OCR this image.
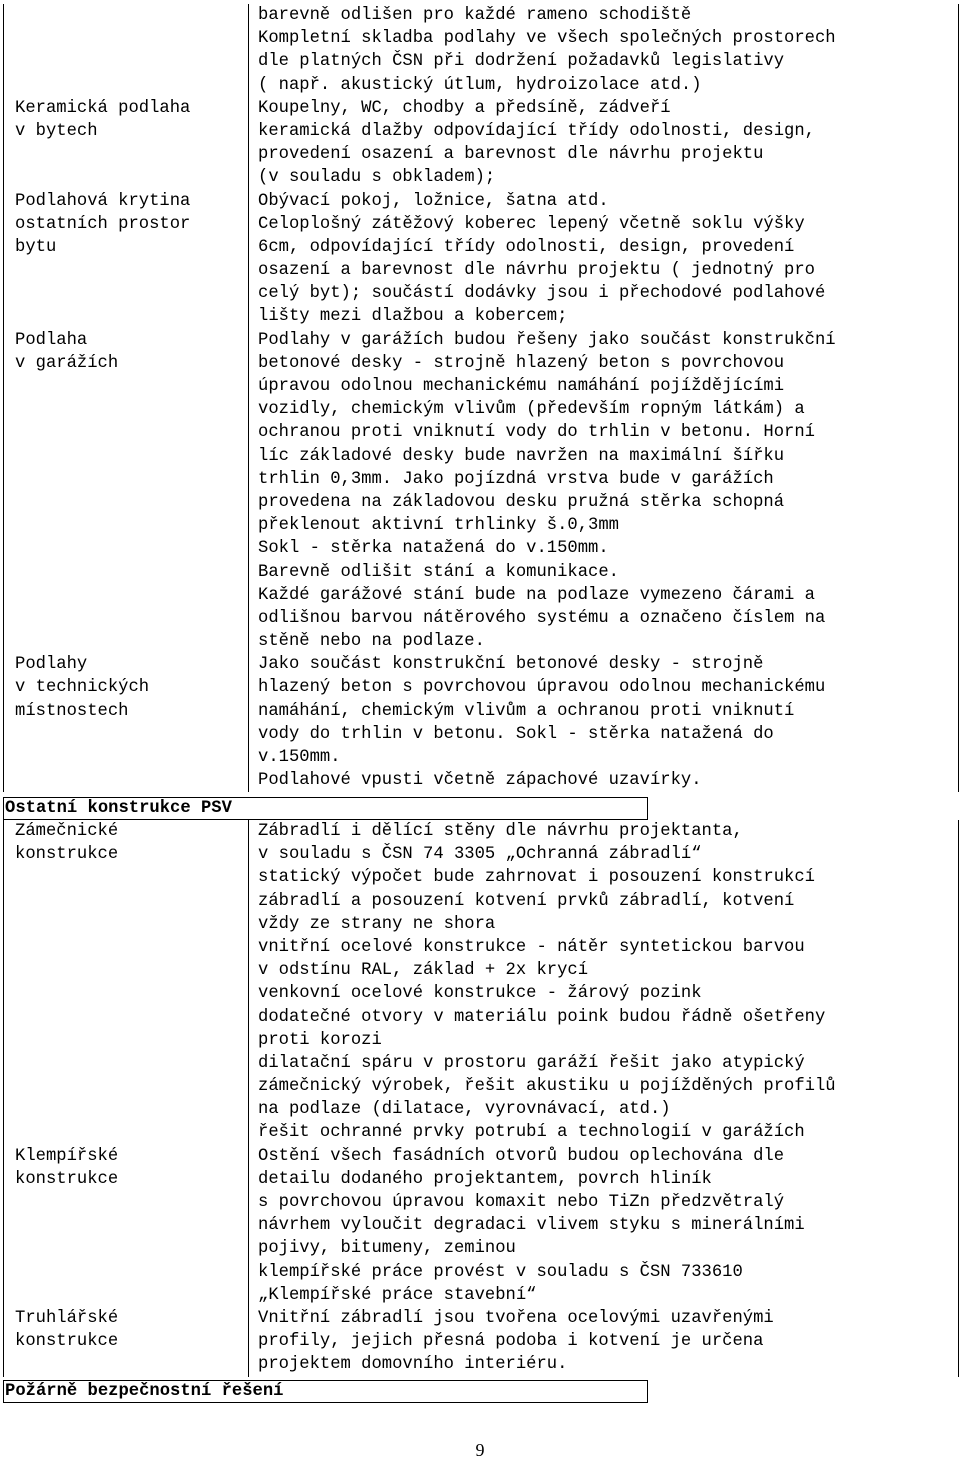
barevně odlišen pro každé rameno schodiště
Kompletní skladba podlahy ve všech společných prostorech
dle platných ČSN při dodržení požadavků legislativy
( např. akustický útlum, hydroizolace atd.)
Keramická podlaha
v bytech
Koupelny, WC, chodby a předsíně, zádveří
keramická dlažby odpovídající třídy odolnosti, design,
provedení osazení a barevnost dle návrhu projektu
(v souladu s obkladem);
Podlahová krytina
ostatních prostor
bytu
Obývací pokoj, ložnice, šatna atd.
Celoplošný zátěžový koberec lepený včetně soklu výšky
6cm, odpovídající třídy odolnosti, design, provedení
osazení a barevnost dle návrhu projektu ( jednotný pro
celý byt); součástí dodávky jsou i přechodové podlahové
lišty mezi dlažbou a kobercem;
Podlaha
v garážích
Podlahy v garážích budou řešeny jako součást konstrukční
betonové desky - strojně hlazený beton s povrchovou
úpravou odolnou mechanickému namáhání pojíždějícími
vozidly, chemickým vlivům (především ropným látkám) a
ochranou proti vniknutí vody do trhlin v betonu. Horní
líc základové desky bude navržen na maximální šířku
trhlin 0,3mm. Jako pojízdná vrstva bude v garážích
provedena na základovou desku pružná stěrka schopná
překlenout aktivní trhlinky š.0,3mm
Sokl - stěrka natažená do v.150mm.
Barevně odlišit stání a komunikace.
Každé garážové stání bude na podlaze vymezeno čárami a
odlišnou barvou nátěrového systému a označeno číslem na
stěně nebo na podlaze.
Podlahy
v technických
místnostech
Jako součást konstrukční betonové desky - strojně
hlazený beton s povrchovou úpravou odolnou mechanickému
namáhání, chemickým vlivům a ochranou proti vniknutí
vody do trhlin v betonu. Sokl - stěrka natažená do
v.150mm.
Podlahové vpusti včetně zápachové uzavírky.
Ostatní konstrukce PSV
Zámečnické
konstrukce
Zábradlí i dělící stěny dle návrhu projektanta,
v souladu s ČSN 74 3305 „Ochranná zábradlí“
statický výpočet bude zahrnovat i posouzení konstrukcí
zábradlí a posouzení kotvení prvků zábradlí, kotvení
vždy ze strany ne shora
vnitřní ocelové konstrukce - nátěr syntetickou barvou
v odstínu RAL, základ + 2x krycí
venkovní ocelové konstrukce - žárový pozink
dodatečné otvory v materiálu poink budou řádně ošetřeny
proti korozi
dilatační spáru v prostoru garáží řešit jako atypický
zámečnický výrobek, řešit akustiku u pojížděných profilů
na podlaze (dilatace, vyrovnávací, atd.)
řešit ochranné prvky potrubí a technologií v garážích
Klempířské
konstrukce
Ostění všech fasádních otvorů budou oplechována dle
detailu dodaného projektantem, povrch hliník
s povrchovou úpravou komaxit nebo TiZn předzvětralý
návrhem vyloučit degradaci vlivem styku s minerálními
pojivy, bitumeny, zeminou
klempířské práce provést v souladu s ČSN 733610
„Klempířské práce stavební“
Truhlářské
konstrukce
Vnitřní zábradlí jsou tvořena ocelovými uzavřenými
profily, jejich přesná podoba i kotvení je určena
projektem domovního interiéru.
Požárně bezpečnostní řešení
9
